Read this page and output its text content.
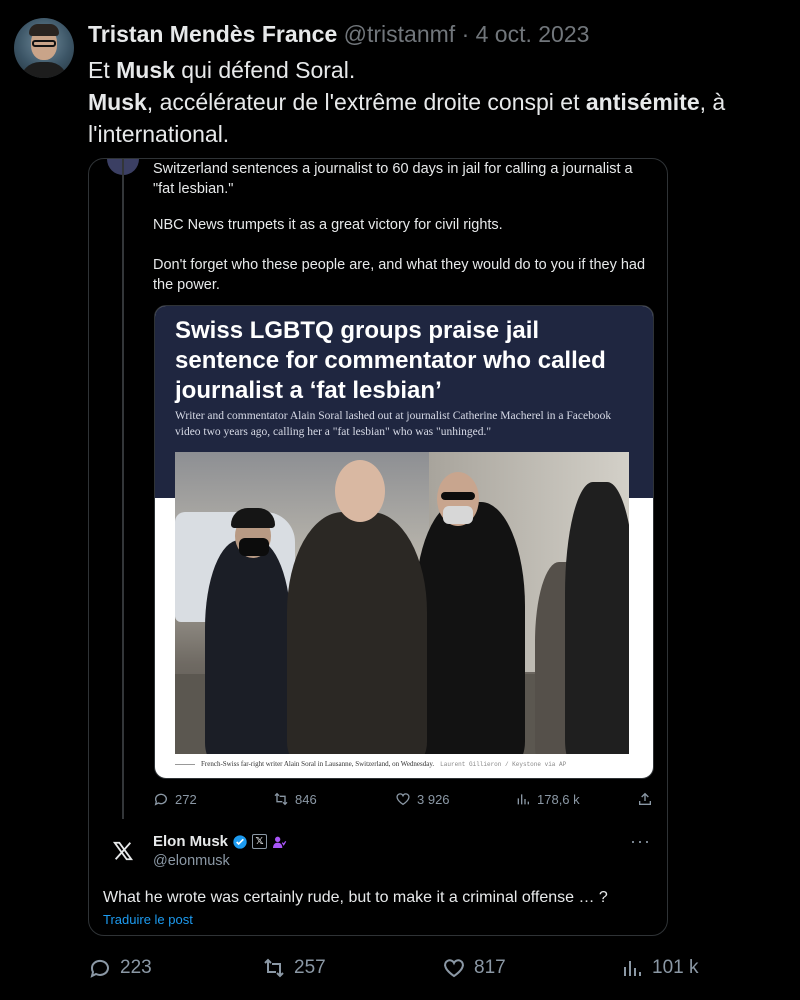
Tristan Mendès France @tristanmf · 4 oct. 2023
Et Musk qui défend Soral.
Musk, accélérateur de l'extrême droite conspi et antisémite, à l'international.
Switzerland sentences a journalist to 60 days in jail for calling a journalist a "fat lesbian."
NBC News trumpets it as a great victory for civil rights.
Don't forget who these people are, and what they would do to you if they had the power.
Swiss LGBTQ groups praise jail sentence for commentator who called journalist a ‘fat lesbian’
Writer and commentator Alain Soral lashed out at journalist Catherine Macherel in a Facebook video two years ago, calling her a "fat lesbian" who was "unhinged."
French-Swiss far-right writer Alain Soral in Lausanne, Switzerland, on Wednesday. Laurent Gillieron / Keystone via AP
272	846	3 926	178,6 k
Elon Musk	𝕏
@elonmusk
···
What he wrote was certainly rude, but to make it a criminal offense … ?
Traduire le post
223	257	817	101 k
